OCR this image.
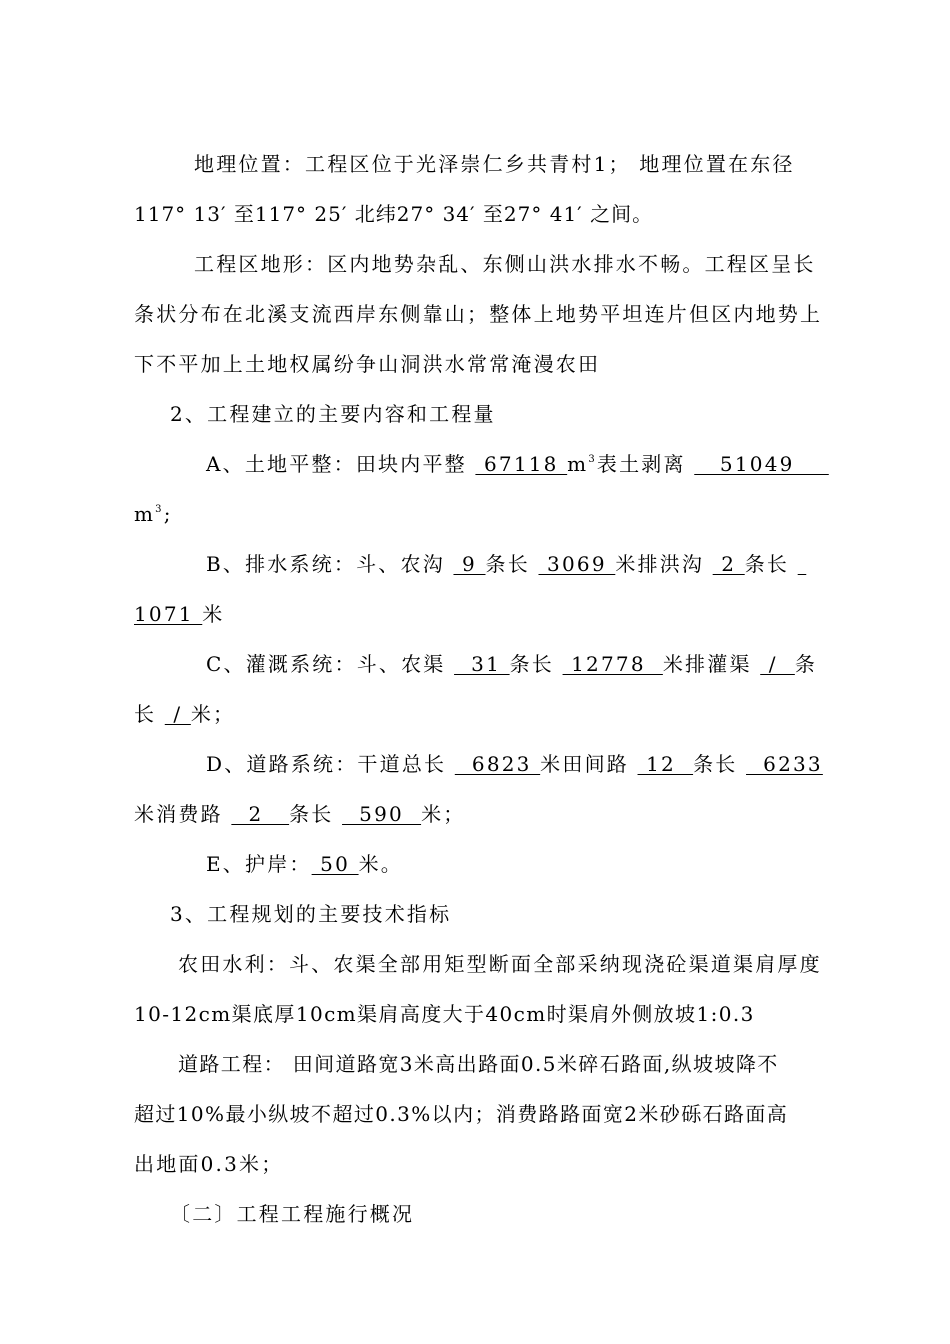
地理位置：工程区位于光泽崇仁乡共青村1； 地理位置在东径
117° 13′ 至117° 25′ 北纬27° 34′ 至27° 41′ 之间。
工程区地形：区内地势杂乱、东侧山洪水排水不畅。工程区呈长
条状分布在北溪支流西岸东侧靠山；整体上地势平坦连片但区内地势上
下不平加上土地权属纷争山洞洪水常常淹漫农田
2、工程建立的主要内容和工程量
A、土地平整：田块内平整  67118 $m^3$表土剥离    51049
$m^3$;
B、排水系统：斗、农沟  9 条长  3069 米排洪沟  2 条长
1071 米
C、灌溉系统：斗、农渠   31 条长  12778  米排灌渠  /  条
长  / 米；
D、道路系统：干道总长   6823 米田间路  12  条长   6233
米消费路   2   条长   590  米；
E、护岸： 50 米。
3、工程规划的主要技术指标
农田水利：斗、农渠全部用矩型断面全部采纳现浇砼渠道渠肩厚度
10-12cm渠底厚10cm渠肩高度大于40cm时渠肩外侧放坡1:0.3
道路工程： 田间道路宽3米高出路面0.5米碎石路面,纵坡坡降不
超过10%最小纵坡不超过0.3%以内；消费路路面宽2米砂砾石路面高
出地面0.3米；
〔二〕工程工程施行概况
